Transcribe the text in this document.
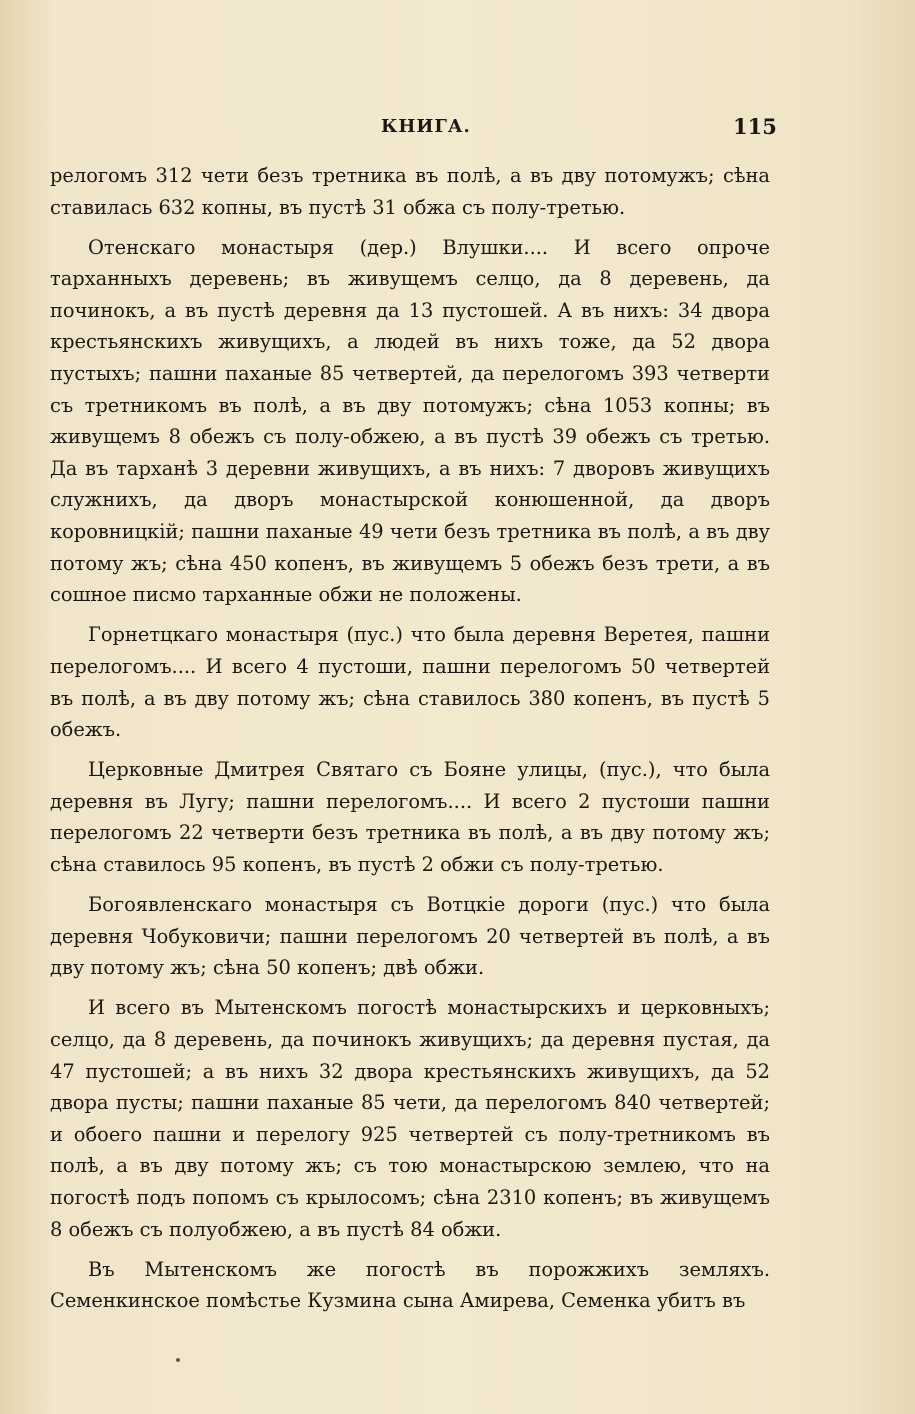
КНИГА.	115

релогомъ 312 чети безъ третника въ полѣ, а въ дву потомужъ; сѣна ставилась 632 копны, въ пустѣ 31 обжа съ полу-третью.

Отенскаго монастыря (дер.) Влушки.... И всего опроче тарханныхъ деревень; въ живущемъ селцо, да 8 деревень, да починокъ, а въ пустѣ деревня да 13 пустошей. А въ нихъ: 34 двора крестьянскихъ живущихъ, а людей въ нихъ тоже, да 52 двора пустыхъ; пашни паханые 85 четвертей, да перелогомъ 393 четверти съ третникомъ въ полѣ, а въ дву потомужъ; сѣна 1053 копны; въ живущемъ 8 обежъ съ полу-обжею, а въ пустѣ 39 обежъ съ третью. Да въ тарханѣ 3 деревни живущихъ, а въ нихъ: 7 дворовъ живущихъ служнихъ, да дворъ монастырской конюшенной, да дворъ коровницкій; пашни паханые 49 чети безъ третника въ полѣ, а въ дву потому жъ; сѣна 450 копенъ, въ живущемъ 5 обежъ безъ трети, а въ сошное писмо тарханные обжи не положены.

Горнетцкаго монастыря (пус.) что была деревня Веретея, пашни перелогомъ.... И всего 4 пустоши, пашни перелогомъ 50 четвертей въ полѣ, а въ дву потому жъ; сѣна ставилось 380 копенъ, въ пустѣ 5 обежъ.

Церковные Дмитрея Святаго съ Бояне улицы, (пус.), что была деревня въ Лугу; пашни перелогомъ.... И всего 2 пустоши пашни перелогомъ 22 четверти безъ третника въ полѣ, а въ дву потому жъ; сѣна ставилось 95 копенъ, въ пустѣ 2 обжи съ полу-третью.

Богоявленскаго монастыря съ Вотцкіе дороги (пус.) что была деревня Чобуковичи; пашни перелогомъ 20 четвертей въ полѣ, а въ дву потому жъ; сѣна 50 копенъ; двѣ обжи.

И всего въ Мытенскомъ погостѣ монастырскихъ и церковныхъ; селцо, да 8 деревень, да починокъ живущихъ; да деревня пустая, да 47 пустошей; а въ нихъ 32 двора крестьянскихъ живущихъ, да 52 двора пусты; пашни паханые 85 чети, да перелогомъ 840 четвертей; и обоего пашни и перелогу 925 четвертей съ полу-третникомъ въ полѣ, а въ дву потому жъ; съ тою монастырскою землею, что на погостѣ подъ попомъ съ крылосомъ; сѣна 2310 копенъ; въ живущемъ 8 обежъ съ полуобжею, а въ пустѣ 84 обжи.

Въ Мытенскомъ же погостѣ въ порожжихъ земляхъ. Семенкинское помѣстье Кузмина сына Амирева, Семенка убитъ въ
